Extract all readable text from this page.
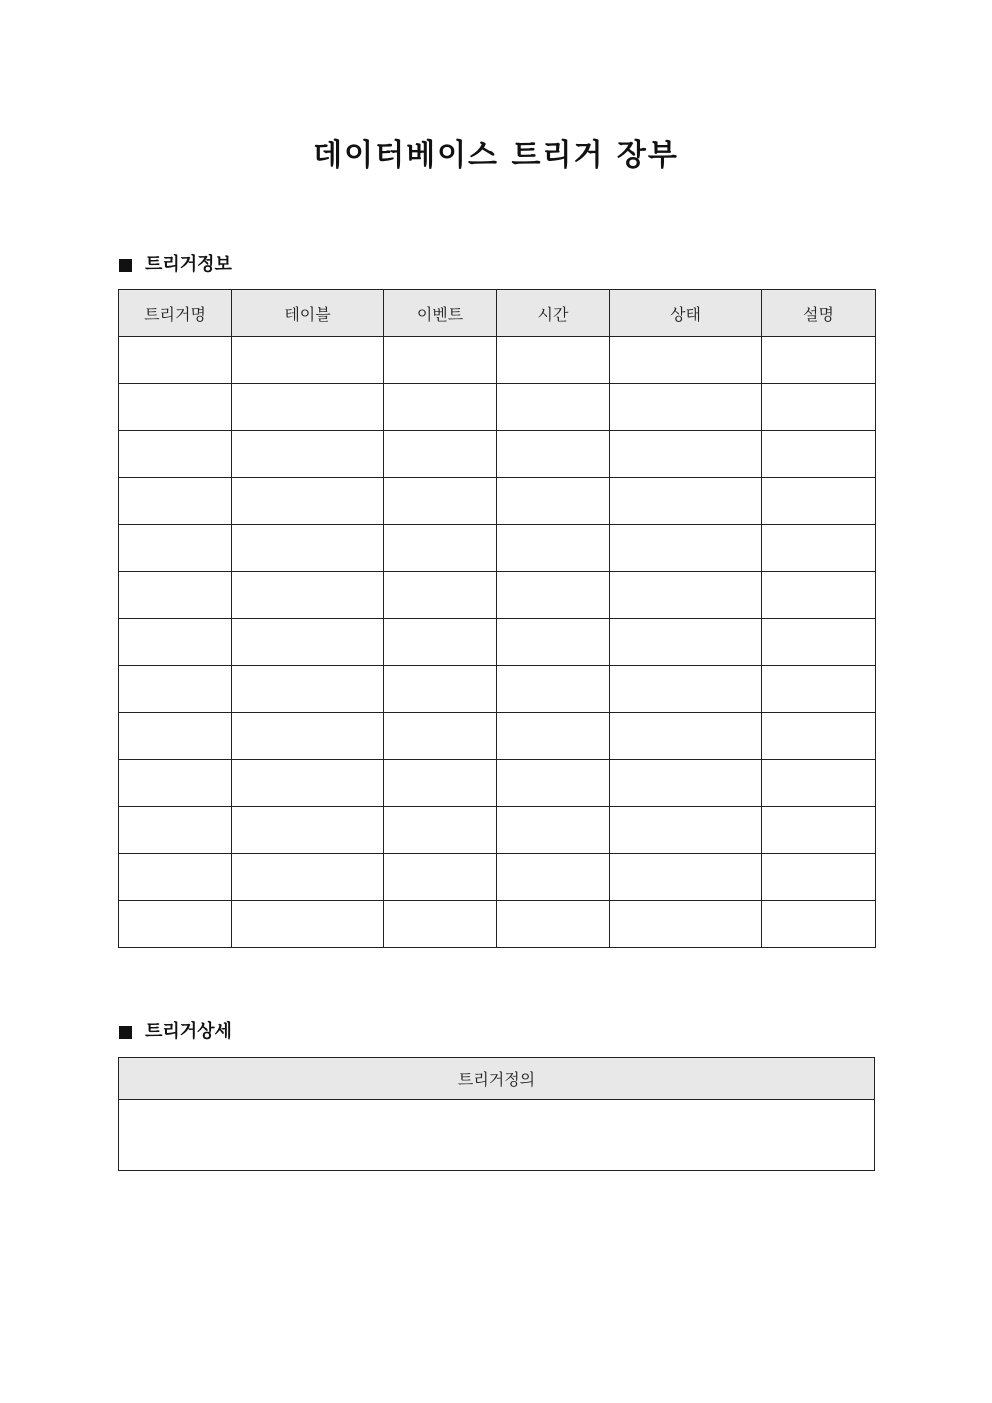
데이터베이스 트리거 장부
트리거정보
트리거명	테이블	이벤트	시간	상태	설명

트리거상세
트리거정의
